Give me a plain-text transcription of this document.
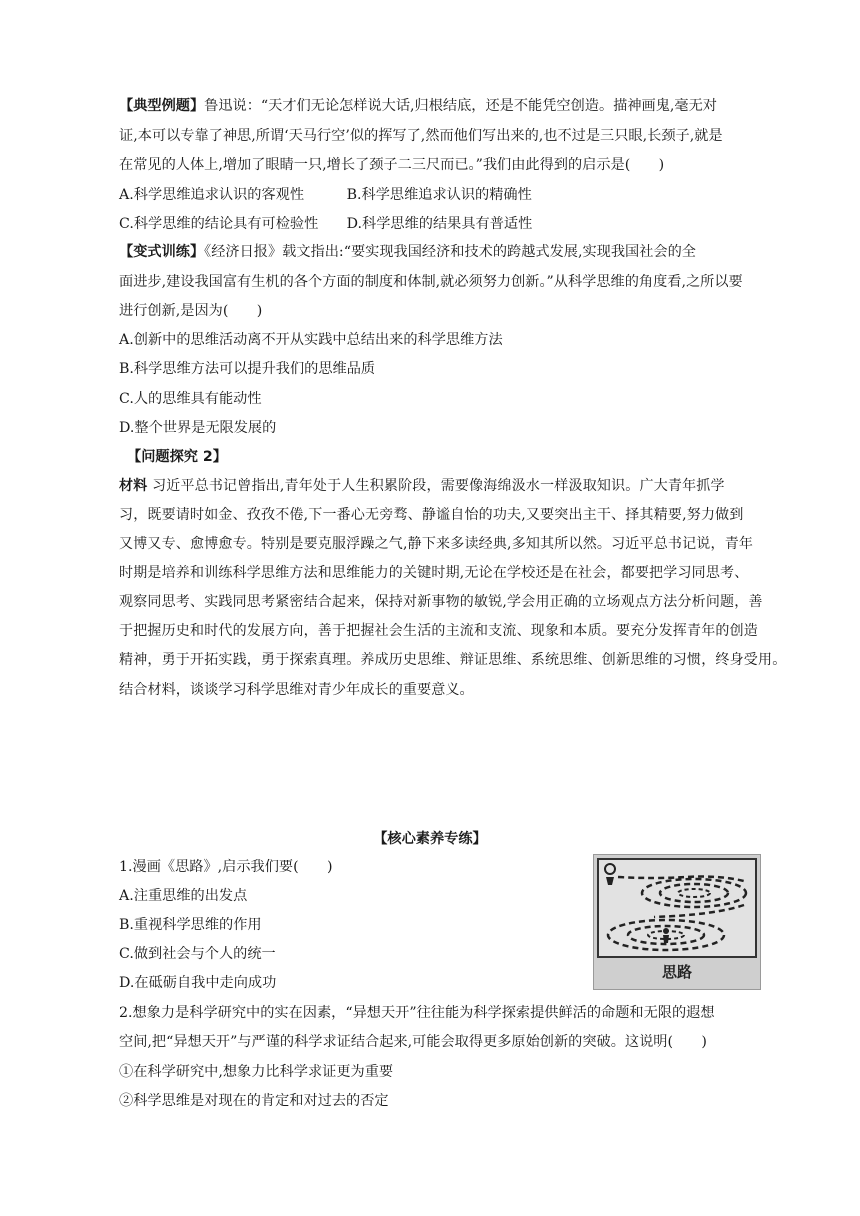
【典型例题】鲁迅说：“天才们无论怎样说大话,归根结底，还是不能凭空创造。描神画鬼,毫无对
证,本可以专靠了神思,所谓‘天马行空’似的挥写了,然而他们写出来的,也不过是三只眼,长颈子,就是
在常见的人体上,增加了眼睛一只,增长了颈子二三尺而已。”我们由此得到的启示是(　　)
A.科学思维追求认识的客观性　　　B.科学思维追求认识的精确性
C.科学思维的结论具有可检验性　　D.科学思维的结果具有普适性
【变式训练】《经济日报》载文指出:“要实现我国经济和技术的跨越式发展,实现我国社会的全
面进步,建设我国富有生机的各个方面的制度和体制,就必须努力创新。”从科学思维的角度看,之所以要
进行创新,是因为(　　)
A.创新中的思维活动离不开从实践中总结出来的科学思维方法
B.科学思维方法可以提升我们的思维品质
C.人的思维具有能动性
D.整个世界是无限发展的
【问题探究 2】
材料 习近平总书记曾指出,青年处于人生积累阶段，需要像海绵汲水一样汲取知识。广大青年抓学
习，既要请时如金、孜孜不倦,下一番心无旁骛、静谧自怡的功夫,又要突出主干、择其精要,努力做到
又博又专、愈博愈专。特别是要克服浮躁之气,静下来多读经典,多知其所以然。习近平总书记说，青年
时期是培养和训练科学思维方法和思维能力的关键时期,无论在学校还是在社会，都要把学习同思考、
观察同思考、实践同思考紧密结合起来，保持对新事物的敏锐,学会用正确的立场观点方法分析问题，善
于把握历史和时代的发展方向，善于把握社会生活的主流和支流、现象和本质。要充分发挥青年的创造
精神，勇于开拓实践，勇于探索真理。养成历史思维、辩证思维、系统思维、创新思维的习惯，终身受用。
结合材料，谈谈学习科学思维对青少年成长的重要意义。
【核心素养专练】
1.漫画《思路》,启示我们要(　　)
A.注重思维的出发点
B.重视科学思维的作用
C.做到社会与个人的统一
D.在砥砺自我中走向成功
思路
2.想象力是科学研究中的实在因素，“异想天开”往往能为科学探索提供鲜活的命题和无限的遐想
空间,把“异想天开”与严谨的科学求证结合起来,可能会取得更多原始创新的突破。这说明(　　)
①在科学研究中,想象力比科学求证更为重要
②科学思维是对现在的肯定和对过去的否定
